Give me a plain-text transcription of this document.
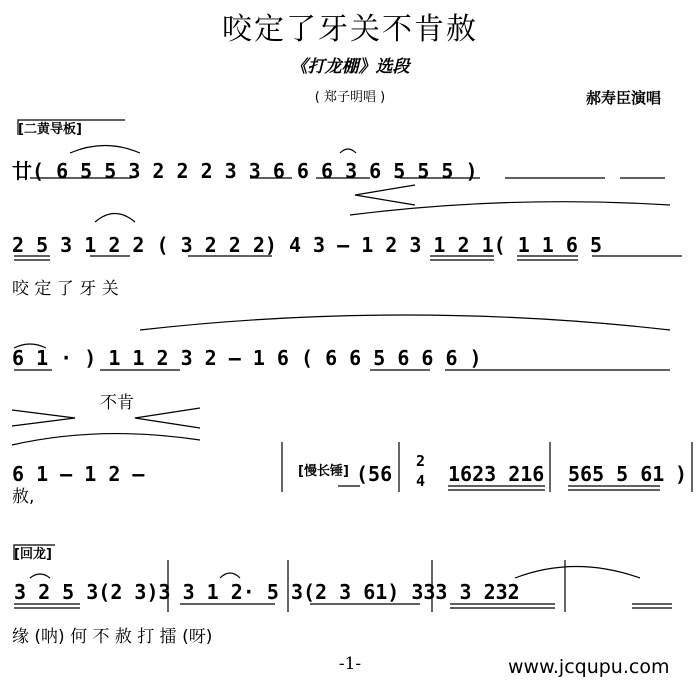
咬定了牙关不肯赦
《打龙棚》选段
( 郑子明唱 )	郝寿臣演唱
[二黄导板]
[慢长锤]
[回龙]
廿( 6 5 5 3 2 2 2 3 3 6 6 6 3 6 5 5 5 )
2 5 3 1 2 2 ( 3 2 2 2) 4 3 – 1 2 3 1 2 1( 1 1 6 5
咬 定 了 牙 关
6 1 · ) 1 1 2 3 2 – 1 6 ( 6 6 5 6 6 6 )
不肯
6 1 – 1 2 –	(56
2
4 1623 216 565 5 61 )
赦,
3 2 5 3(2 3)3 3 1 2· 5 3(2 3 61) 333 3 232
缘 (呐) 何 不 赦 打 擂 (呀)
-1-	www.jcqupu.com
